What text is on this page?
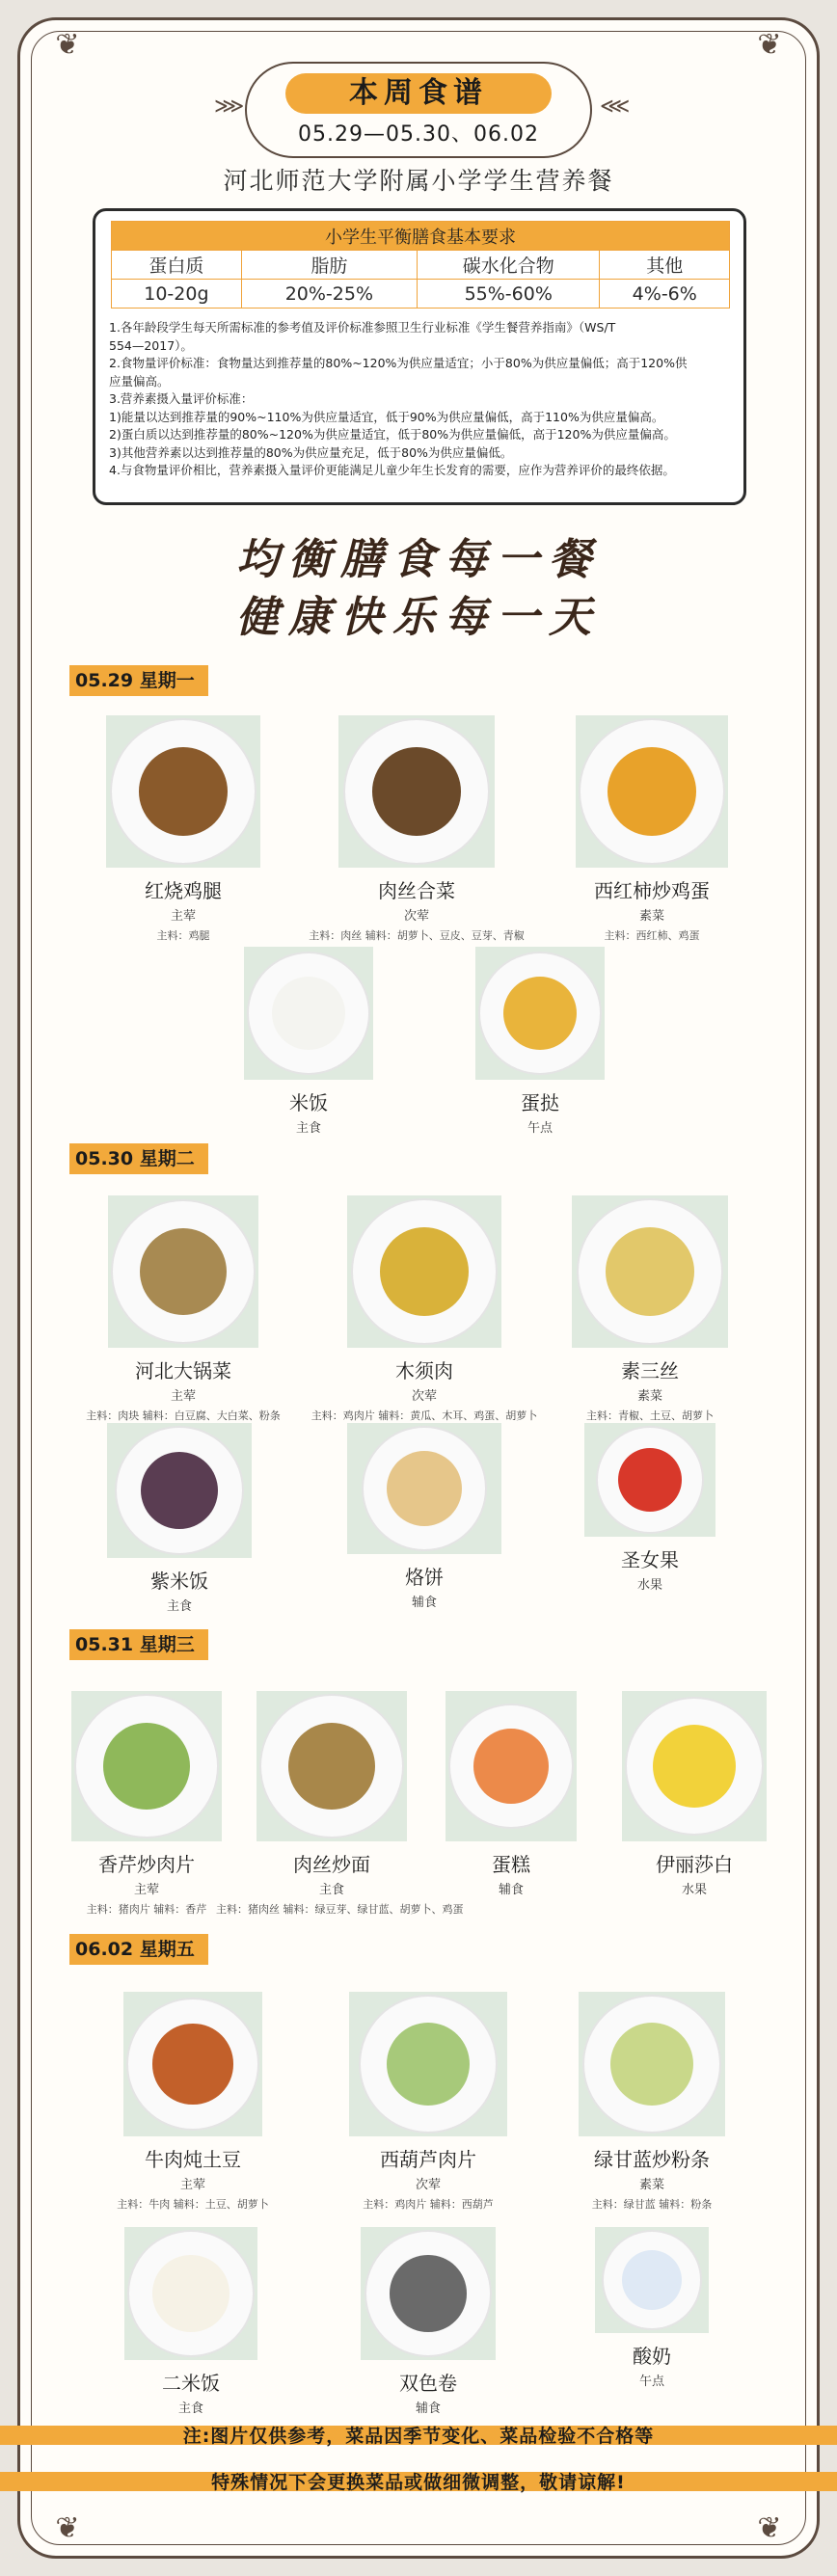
❦	❦
❦	❦
⋙	⋘
本周食谱
05.29—05.30、06.02
河北师范大学附属小学学生营养餐
小学生平衡膳食基本要求			
蛋白质	脂肪	碳水化合物	其他
10-20g	20%-25%	55%-60%	4%-6%
1.各年龄段学生每天所需标准的参考值及评价标准参照卫生行业标准《学生餐营养指南》（WS/T
554—2017）。
2.食物量评价标准：食物量达到推荐量的80%~120%为供应量适宜；小于80%为供应量偏低；高于120%供
应量偏高。
3.营养素摄入量评价标准：
1)能量以达到推荐量的90%~110%为供应量适宜，低于90%为供应量偏低，高于110%为供应量偏高。
2)蛋白质以达到推荐量的80%~120%为供应量适宜，低于80%为供应量偏低，高于120%为供应量偏高。
3)其他营养素以达到推荐量的80%为供应量充足，低于80%为供应量偏低。
4.与食物量评价相比，营养素摄入量评价更能满足儿童少年生长发育的需要，应作为营养评价的最终依据。
均衡膳食每一餐
健康快乐每一天
05.29 星期一
05.30 星期二
05.31 星期三
06.02 星期五
红烧鸡腿
主荤
主料：鸡腿
肉丝合菜
次荤
主料：肉丝 辅料：胡萝卜、豆皮、豆芽、青椒
西红柿炒鸡蛋
素菜
主料：西红柿、鸡蛋
米饭
主食
蛋挞
午点
河北大锅菜
主荤
主料：肉块 辅料：白豆腐、大白菜、粉条
木须肉
次荤
主料：鸡肉片 辅料：黄瓜、木耳、鸡蛋、胡萝卜
素三丝
素菜
主料：青椒、土豆、胡萝卜
紫米饭
主食
烙饼
辅食
圣女果
水果
香芹炒肉片
主荤
主料：猪肉片 辅料：香芹
肉丝炒面
主食
主料：猪肉丝 辅料：绿豆芽、绿甘蓝、胡萝卜、鸡蛋
蛋糕
辅食
伊丽莎白
水果
牛肉炖土豆
主荤
主料：牛肉 辅料：土豆、胡萝卜
西葫芦肉片
次荤
主料：鸡肉片 辅料：西葫芦
绿甘蓝炒粉条
素菜
主料：绿甘蓝 辅料：粉条
二米饭
主食
双色卷
辅食
酸奶
午点
注:图片仅供参考，菜品因季节变化、菜品检验不合格等
特殊情况下会更换菜品或做细微调整，敬请谅解!
